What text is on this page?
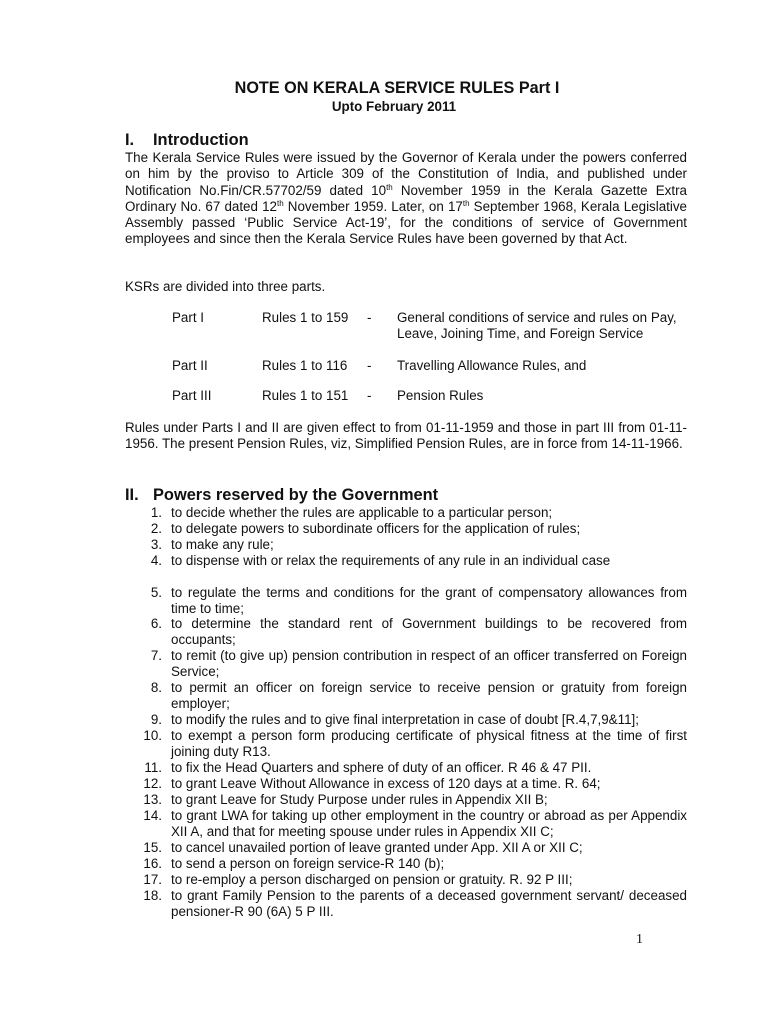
NOTE ON KERALA SERVICE RULES Part I
Upto February 2011
I. Introduction

The Kerala Service Rules were issued by the Governor of Kerala under the powers conferred on him by the proviso to Article 309 of the Constitution of India, and published under Notification No.Fin/CR.57702/59 dated 10th November 1959 in the Kerala Gazette Extra Ordinary No. 67 dated 12th November 1959. Later, on 17th September 1968, Kerala Legislative Assembly passed ‘Public Service Act-19’, for the conditions of service of Government employees and since then the Kerala Service Rules have been governed by that Act.

KSRs are divided into three parts.

Part I	Rules 1 to 159 - General conditions of service and rules on Pay, Leave, Joining Time, and Foreign Service
Part II	Rules 1 to 116 - Travelling Allowance Rules, and
Part III	Rules 1 to 151 - Pension Rules

Rules under Parts I and II are given effect to from 01-11-1959 and those in part III from 01-11-1956. The present Pension Rules, viz, Simplified Pension Rules, are in force from 14-11-1966.

II. Powers reserved by the Government
1. to decide whether the rules are applicable to a particular person;
2. to delegate powers to subordinate officers for the application of rules;
3. to make any rule;
4. to dispense with or relax the requirements of any rule in an individual case
5. to regulate the terms and conditions for the grant of compensatory allowances from time to time;
6. to determine the standard rent of Government buildings to be recovered from occupants;
7. to remit (to give up) pension contribution in respect of an officer transferred on Foreign Service;
8. to permit an officer on foreign service to receive pension or gratuity from foreign employer;
9. to modify the rules and to give final interpretation in case of doubt [R.4,7,9&11];
10. to exempt a person form producing certificate of physical fitness at the time of first joining duty R13.
11. to fix the Head Quarters and sphere of duty of an officer. R 46 & 47 PII.
12. to grant Leave Without Allowance in excess of 120 days at a time. R. 64;
13. to grant Leave for Study Purpose under rules in Appendix XII B;
14. to grant LWA for taking up other employment in the country or abroad as per Appendix XII A, and that for meeting spouse under rules in Appendix XII C;
15. to cancel unavailed portion of leave granted under App. XII A or XII C;
16. to send a person on foreign service-R 140 (b);
17. to re-employ a person discharged on pension or gratuity. R. 92 P III;
18. to grant Family Pension to the parents of a deceased government servant/ deceased pensioner-R 90 (6A) 5 P III.
1
